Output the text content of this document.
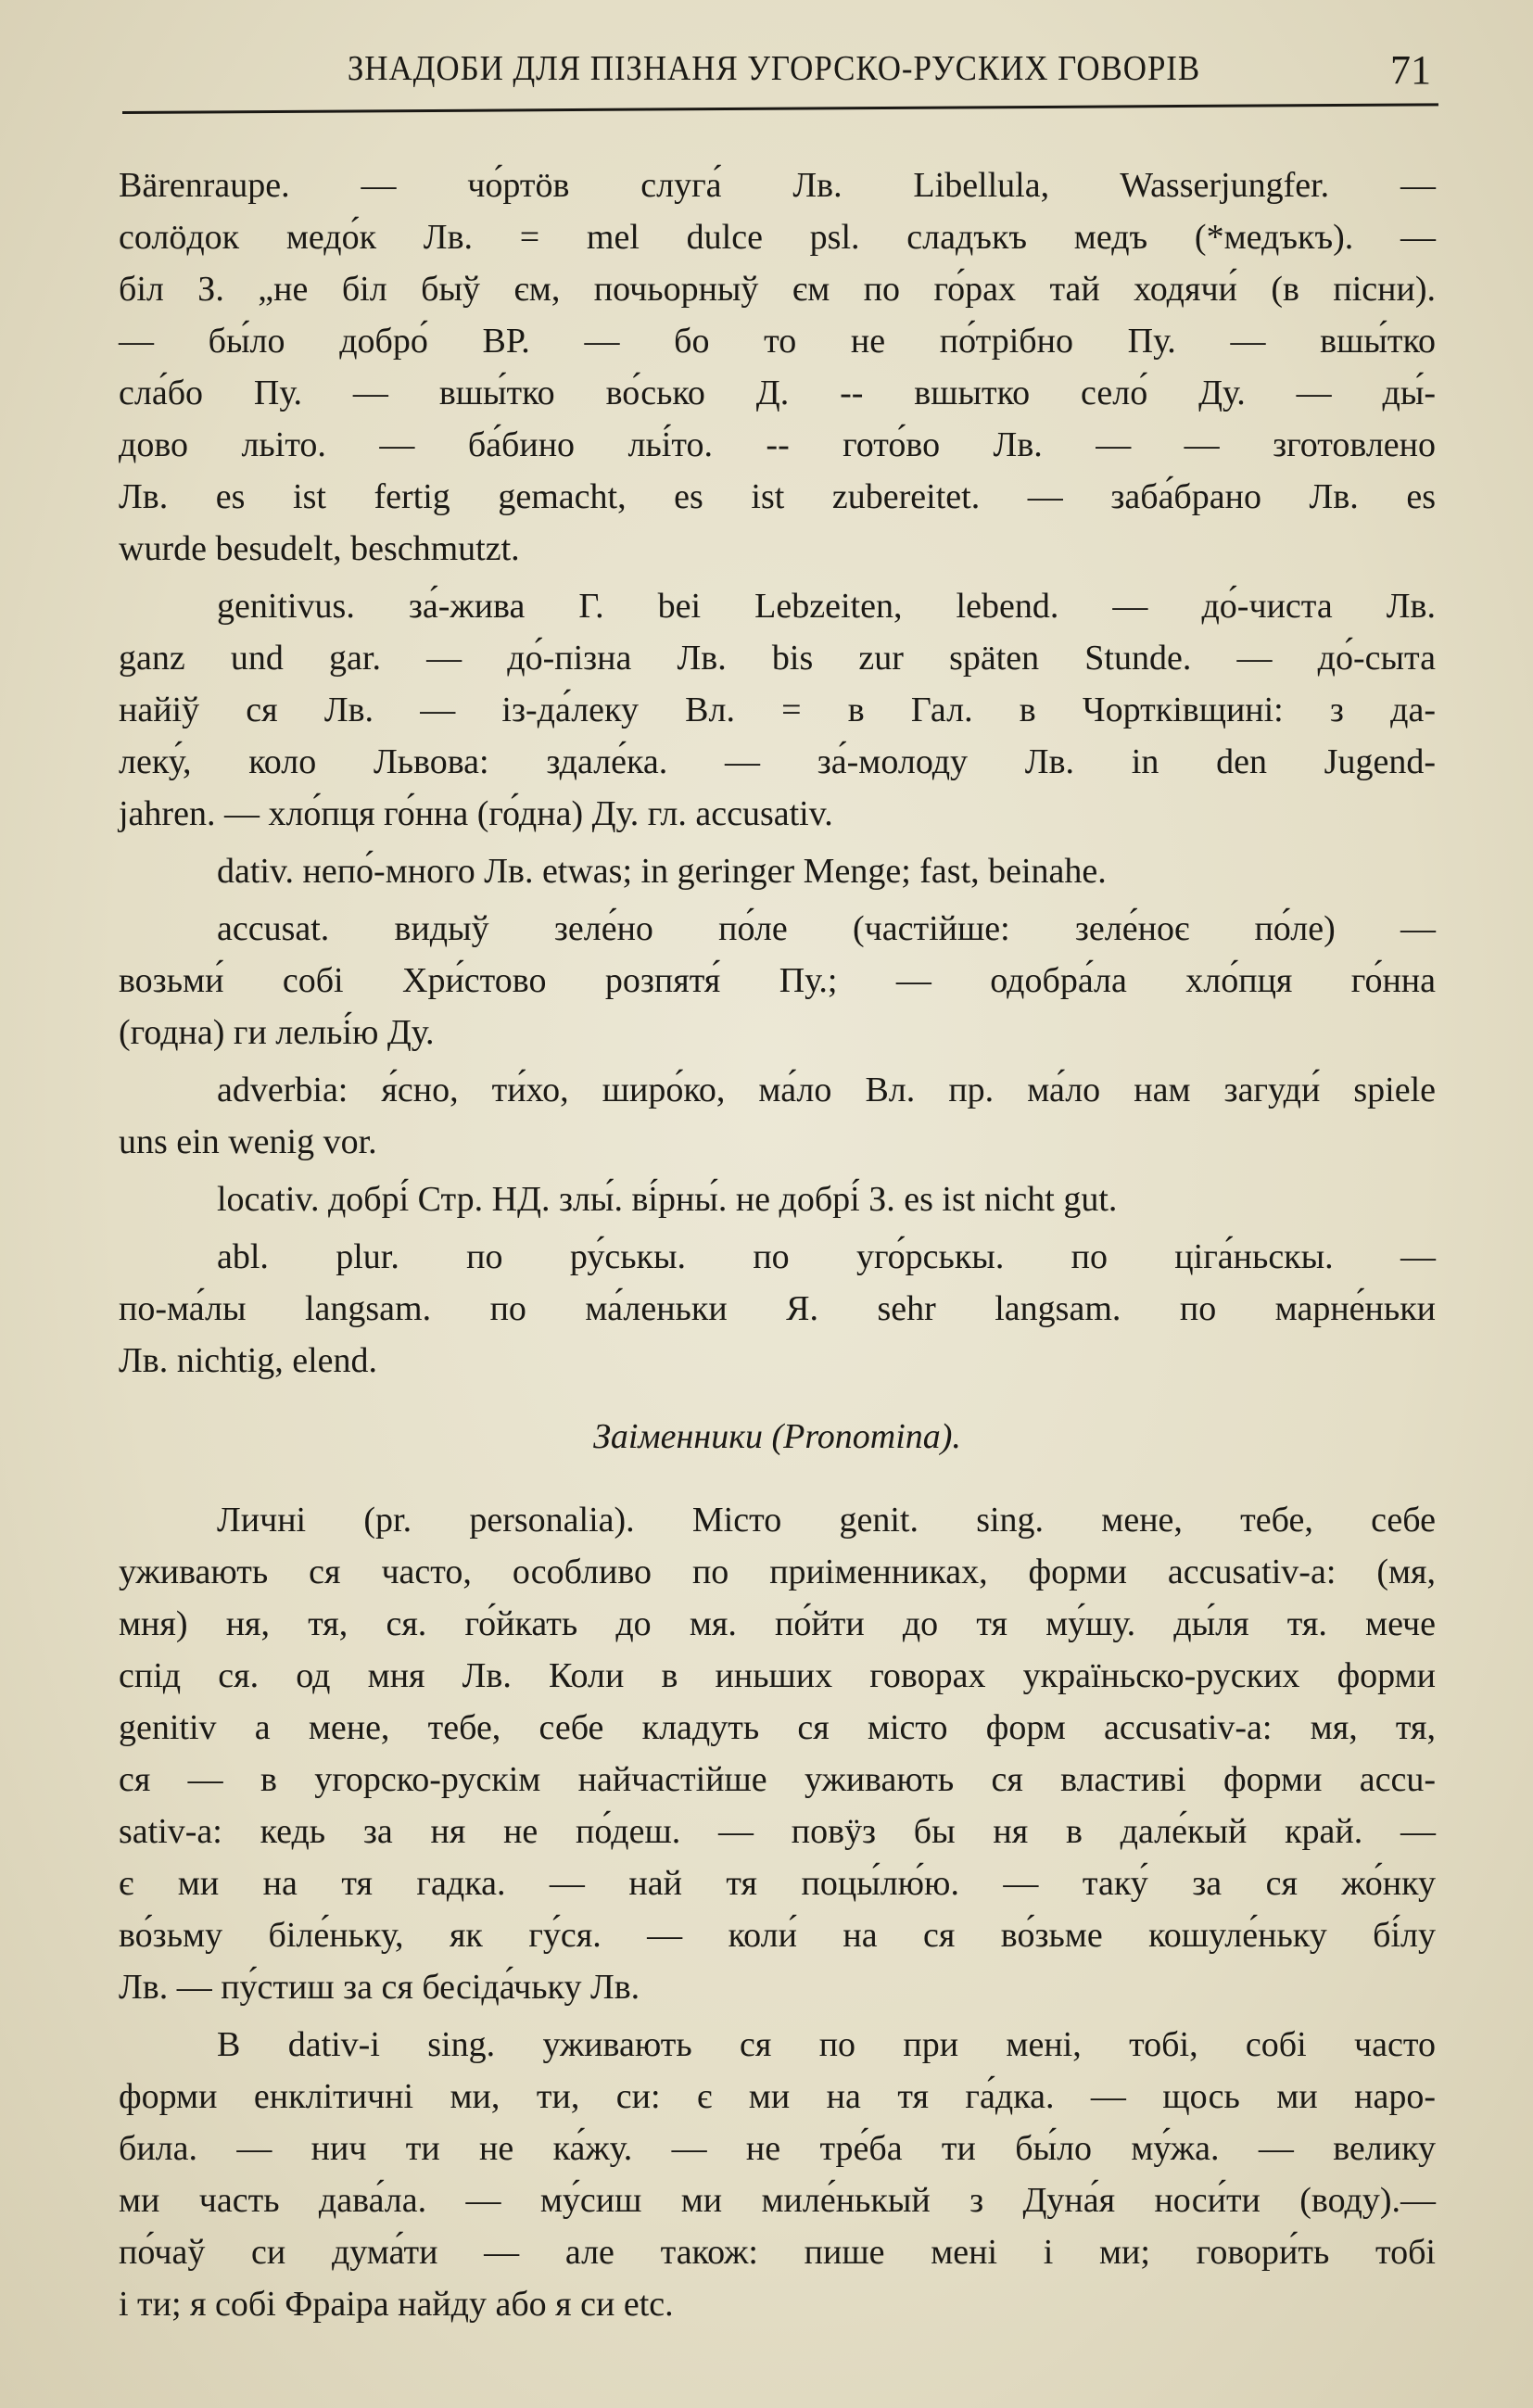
ЗНАДОБИ ДЛЯ ПІЗНАНЯ УГОРСКО-РУСКИХ ГОВОРІВ	71
Bärenraupe. — чо́ртӧв слуга́ Лв. Libellula, Wasserjungfer. —
солӧдок медо́к Лв. = mel dulce psl. сладъкъ медъ (*медъкъ). —
біл З. „не біл быў єм, почьорныў єм по го́рах тай ходячи́ (в пісни).
— бы́ло добро́ ВР. — бо то не по́трібно Пу. — вшы́тко
сла́бо Пу. — вшы́тко во́сько Д. -- вшытко село́ Ду. — ды́-
дово льіто. — ба́бино льі́то. -- гото́во Лв. — — зготовлено
Лв. es ist fertig gemacht, es ist zubereitet. — заба́брано Лв. es
wurde besudelt, beschmutzt.
genitivus. за́-жива Г. bei Lebzeiten, lebend. — до́-чиста Лв.
ganz und gar. — до́-пізна Лв. bis zur späten Stunde. — до́-сыта
найіў ся Лв. — із-да́леку Вл. = в Гал. в Чортківщині: з да-
леку́, коло Львова: здале́ка. — за́-молоду Лв. in den Jugend-
jahren. — хло́пця го́нна (го́дна) Ду. гл. accusativ.
dativ. непо́-много Лв. etwas; in geringer Menge; fast, beinahe.
accusat. видыў зеле́но по́ле (частійше: зеле́ноє по́ле) —
возьми́ собі Хри́стово розпятя́ Пу.; — одобра́ла хло́пця го́нна
(годна) ги лельі́ю Ду.
adverbia: я́сно, ти́хо, широ́ко, ма́ло Вл. пр. ма́ло нам загуди́ spiele
uns ein wenig vor.
locativ. добрі́ Стр. НД. злы́. ві́рны́. не добрі́ З. es ist nicht gut.
abl. plur. по ру́ськы. по уго́рськы. по ціга́ньскы. —
по-ма́лы langsam. по ма́леньки Я. sehr langsam. по марне́ньки
Лв. nichtig, elend.
Заіменники (Pronomina).
Личні (pr. personalia). Місто genit. sing. мене, тебе, себе
уживають ся часто, особливо по приіменниках, форми accusativ-a: (мя,
мня) ня, тя, ся. го́йкать до мя. по́йти до тя му́шу. ды́ля тя. мече
спід ся. од мня Лв. Коли в иньших говорах україньско-руских форми
genitiv а мене, тебе, себе кладуть ся місто форм accusativ-a: мя, тя,
ся — в угорско-рускім найчастійше уживають ся властиві форми accu-
sativ-a: кедь за ня не по́деш. — повӱз бы ня в дале́кый край. —
є ми на тя гадка. — най тя поцы́лю́ю. — таку́ за ся жо́нку
во́зьму біле́ньку, як гу́ся. — коли́ на ся во́зьме кошуле́ньку бі́лу
Лв. — пу́стиш за ся бесіда́чьку Лв.
В dativ-i sing. уживають ся по при мені, тобі, собі часто
форми енклітичні ми, ти, си: є ми на тя га́дка. — щось ми наро-
била. — нич ти не ка́жу. — не тре́ба ти бы́ло му́жа. — велику
ми часть дава́ла. — му́сиш ми миле́нькый з Дуна́я носи́ти (воду).—
по́чаў си дума́ти — але також: пише мені і ми; говори́ть тобі
і ти; я собі Фраіра найду або я си etc.
